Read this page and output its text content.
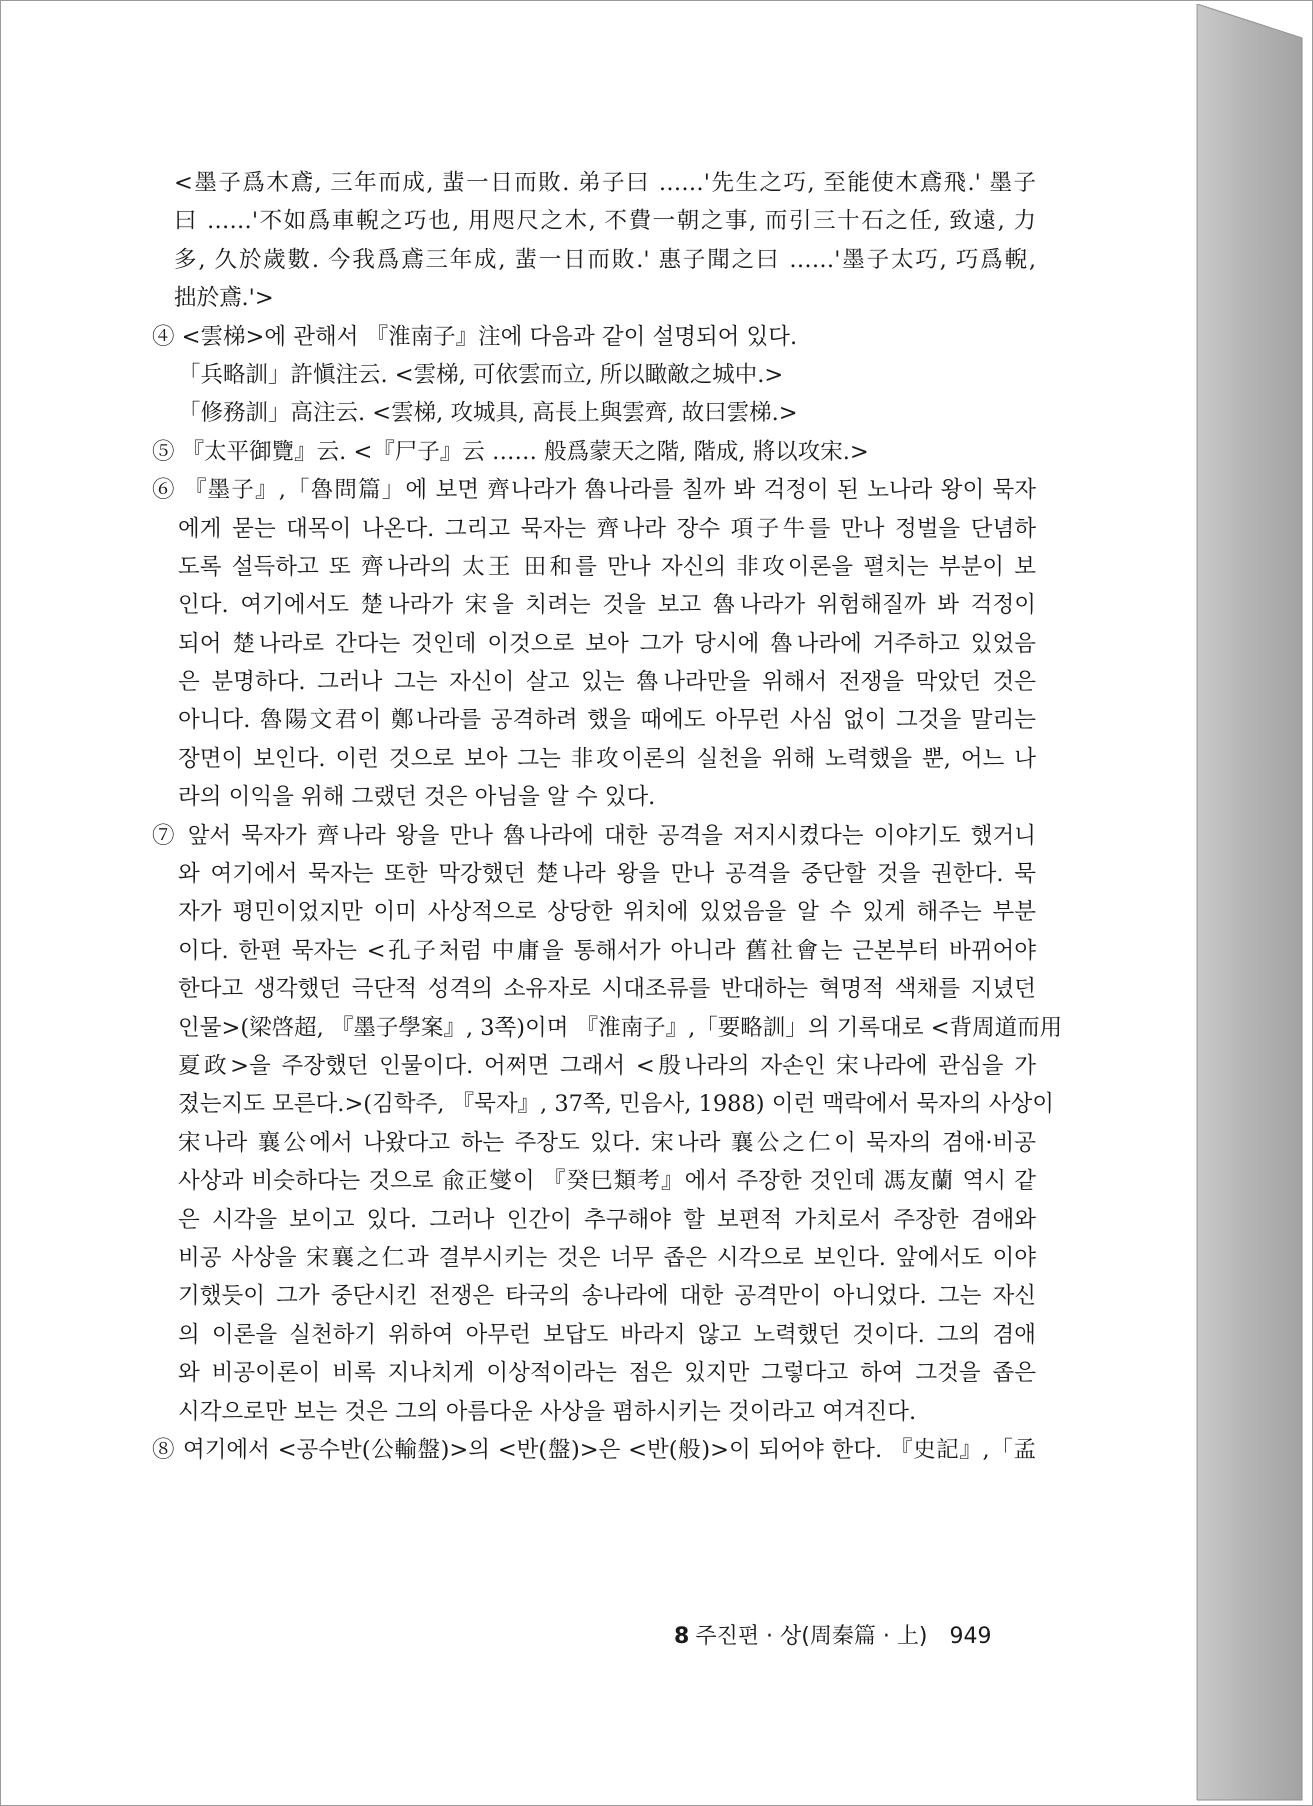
<墨子爲木鳶, 三年而成, 蜚一日而敗. 弟子曰 ……'先生之巧, 至能使木鳶飛.' 墨子
曰 ……'不如爲車輗之巧也, 用咫尺之木, 不費一朝之事, 而引三十石之任, 致遠, 力
多, 久於歲數. 今我爲鳶三年成, 蜚一日而敗.' 惠子聞之曰 ……'墨子太巧, 巧爲輗,
拙於鳶.'>
④ <雲梯>에 관해서 『淮南子』注에 다음과 같이 설명되어 있다.
「兵略訓」許愼注云. <雲梯, 可依雲而立, 所以瞰敵之城中.>
「修務訓」高注云. <雲梯, 攻城具, 高長上與雲齊, 故曰雲梯.>
⑤ 『太平御覽』云. <『尸子』云 …… 般爲蒙天之階, 階成, 將以攻宋.>
⑥ 『墨子』,「魯問篇」에 보면 齊나라가 魯나라를 칠까 봐 걱정이 된 노나라 왕이 묵자
에게 묻는 대목이 나온다. 그리고 묵자는 齊나라 장수 項子牛를 만나 정벌을 단념하
도록 설득하고 또 齊나라의 太王 田和를 만나 자신의 非攻이론을 펼치는 부분이 보
인다. 여기에서도 楚나라가 宋을 치려는 것을 보고 魯나라가 위험해질까 봐 걱정이
되어 楚나라로 간다는 것인데 이것으로 보아 그가 당시에 魯나라에 거주하고 있었음
은 분명하다. 그러나 그는 자신이 살고 있는 魯나라만을 위해서 전쟁을 막았던 것은
아니다. 魯陽文君이 鄭나라를 공격하려 했을 때에도 아무런 사심 없이 그것을 말리는
장면이 보인다. 이런 것으로 보아 그는 非攻이론의 실천을 위해 노력했을 뿐, 어느 나
라의 이익을 위해 그랬던 것은 아님을 알 수 있다.
⑦ 앞서 묵자가 齊나라 왕을 만나 魯나라에 대한 공격을 저지시켰다는 이야기도 했거니
와 여기에서 묵자는 또한 막강했던 楚나라 왕을 만나 공격을 중단할 것을 권한다. 묵
자가 평민이었지만 이미 사상적으로 상당한 위치에 있었음을 알 수 있게 해주는 부분
이다. 한편 묵자는 <孔子처럼 中庸을 통해서가 아니라 舊社會는 근본부터 바뀌어야
한다고 생각했던 극단적 성격의 소유자로 시대조류를 반대하는 혁명적 색채를 지녔던
인물>(梁啓超, 『墨子學案』, 3쪽)이며 『淮南子』,「要略訓」의 기록대로 <背周道而用
夏政>을 주장했던 인물이다. 어쩌면 그래서 <殷나라의 자손인 宋나라에 관심을 가
졌는지도 모른다.>(김학주, 『묵자』, 37쪽, 민음사, 1988) 이런 맥락에서 묵자의 사상이
宋나라 襄公에서 나왔다고 하는 주장도 있다. 宋나라 襄公之仁이 묵자의 겸애·비공
사상과 비슷하다는 것으로 兪正燮이 『癸巳類考』에서 주장한 것인데 馮友蘭 역시 같
은 시각을 보이고 있다. 그러나 인간이 추구해야 할 보편적 가치로서 주장한 겸애와
비공 사상을 宋襄之仁과 결부시키는 것은 너무 좁은 시각으로 보인다. 앞에서도 이야
기했듯이 그가 중단시킨 전쟁은 타국의 송나라에 대한 공격만이 아니었다. 그는 자신
의 이론을 실천하기 위하여 아무런 보답도 바라지 않고 노력했던 것이다. 그의 겸애
와 비공이론이 비록 지나치게 이상적이라는 점은 있지만 그렇다고 하여 그것을 좁은
시각으로만 보는 것은 그의 아름다운 사상을 폄하시키는 것이라고 여겨진다.
⑧ 여기에서 <공수반(公輸盤)>의 <반(盤)>은 <반(般)>이 되어야 한다. 『史記』,「孟
8 주진편 · 상(周秦篇 · 上) 949
